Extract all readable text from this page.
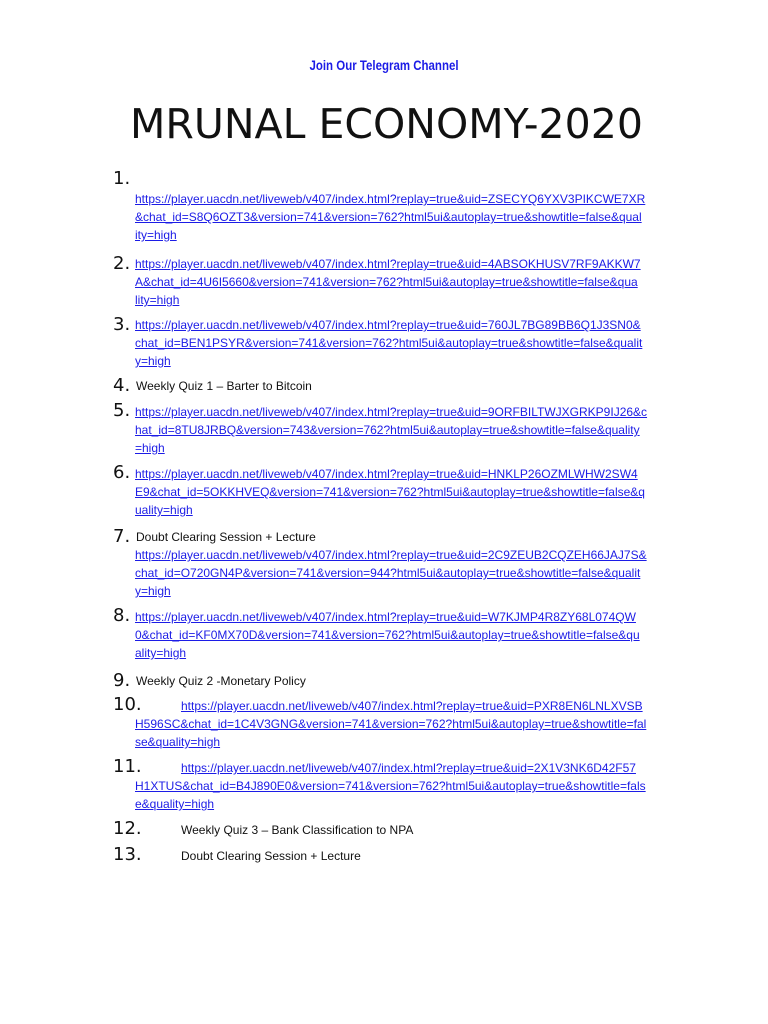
Join Our Telegram Channel
MRUNAL ECONOMY-2020
1.
https://player.uacdn.net/liveweb/v407/index.html?replay=true&uid=ZSECYQ6YXV3PIKCWE7XR
&chat_id=S8Q6OZT3&version=741&version=762?html5ui&autoplay=true&showtitle=false&qual
ity=high
2. https://player.uacdn.net/liveweb/v407/index.html?replay=true&uid=4ABSOKHUSV7RF9AKKW7
A&chat_id=4U6I5660&version=741&version=762?html5ui&autoplay=true&showtitle=false&qua
lity=high
3. https://player.uacdn.net/liveweb/v407/index.html?replay=true&uid=760JL7BG89BB6Q1J3SN0&
chat_id=BEN1PSYR&version=741&version=762?html5ui&autoplay=true&showtitle=false&qualit
y=high
4. Weekly Quiz 1 – Barter to Bitcoin
5. https://player.uacdn.net/liveweb/v407/index.html?replay=true&uid=9ORFBILTWJXGRKP9IJ26&c
hat_id=8TU8JRBQ&version=743&version=762?html5ui&autoplay=true&showtitle=false&quality
=high
6. https://player.uacdn.net/liveweb/v407/index.html?replay=true&uid=HNKLP26OZMLWHW2SW4
E9&chat_id=5OKKHVEQ&version=741&version=762?html5ui&autoplay=true&showtitle=false&q
uality=high
7. Doubt Clearing Session + Lecture
https://player.uacdn.net/liveweb/v407/index.html?replay=true&uid=2C9ZEUB2CQZEH66JAJ7S&
chat_id=O720GN4P&version=741&version=944?html5ui&autoplay=true&showtitle=false&qualit
y=high
8. https://player.uacdn.net/liveweb/v407/index.html?replay=true&uid=W7KJMP4R8ZY68L074QW
0&chat_id=KF0MX70D&version=741&version=762?html5ui&autoplay=true&showtitle=false&qu
ality=high
9. Weekly Quiz 2 -Monetary Policy
10.	https://player.uacdn.net/liveweb/v407/index.html?replay=true&uid=PXR8EN6LNLXVSB
H596SC&chat_id=1C4V3GNG&version=741&version=762?html5ui&autoplay=true&showtitle=fal
se&quality=high
11.	https://player.uacdn.net/liveweb/v407/index.html?replay=true&uid=2X1V3NK6D42F57
H1XTUS&chat_id=B4J890E0&version=741&version=762?html5ui&autoplay=true&showtitle=fals
e&quality=high
12.	Weekly Quiz 3 – Bank Classification to NPA
13.	Doubt Clearing Session + Lecture
